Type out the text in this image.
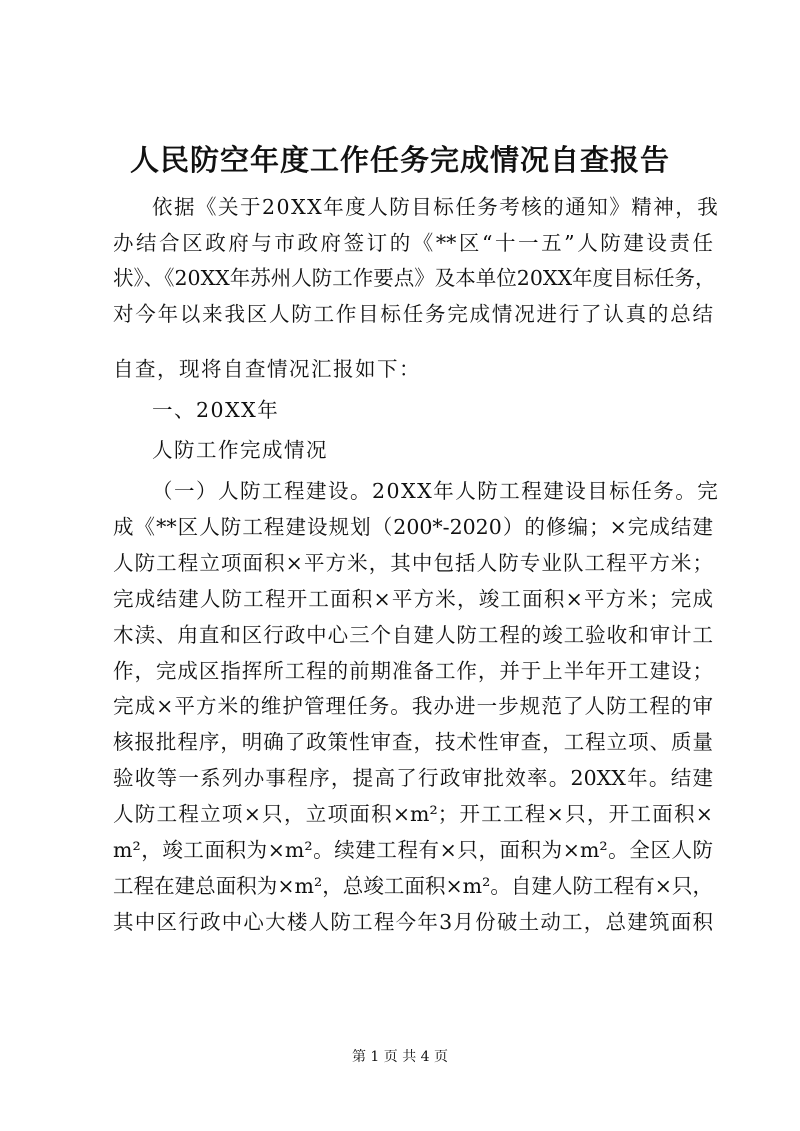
人民防空年度工作任务完成情况自查报告
依据《关于20XX年度人防目标任务考核的通知》精神，我
办结合区政府与市政府签订的《**区“十一五”人防建设责任
状》、《20XX年苏州人防工作要点》及本单位20XX年度目标任务，
对今年以来我区人防工作目标任务完成情况进行了认真的总结
自查，现将自查情况汇报如下：
一、20XX年
人防工作完成情况
（一）人防工程建设。20XX年人防工程建设目标任务。完
成《**区人防工程建设规划（200*-2020）的修编；×完成结建
人防工程立项面积×平方米，其中包括人防专业队工程平方米；
完成结建人防工程开工面积×平方米，竣工面积×平方米；完成
木渎、甪直和区行政中心三个自建人防工程的竣工验收和审计工
作，完成区指挥所工程的前期准备工作，并于上半年开工建设；
完成×平方米的维护管理任务。我办进一步规范了人防工程的审
核报批程序，明确了政策性审查，技术性审查，工程立项、质量
验收等一系列办事程序，提高了行政审批效率。20XX年。结建
人防工程立项×只，立项面积×m²；开工工程×只，开工面积×
m²，竣工面积为×m²。续建工程有×只，面积为×m²。全区人防
工程在建总面积为×m²，总竣工面积×m²。自建人防工程有×只，
其中区行政中心大楼人防工程今年3月份破土动工，总建筑面积
第 1 页 共 4 页
